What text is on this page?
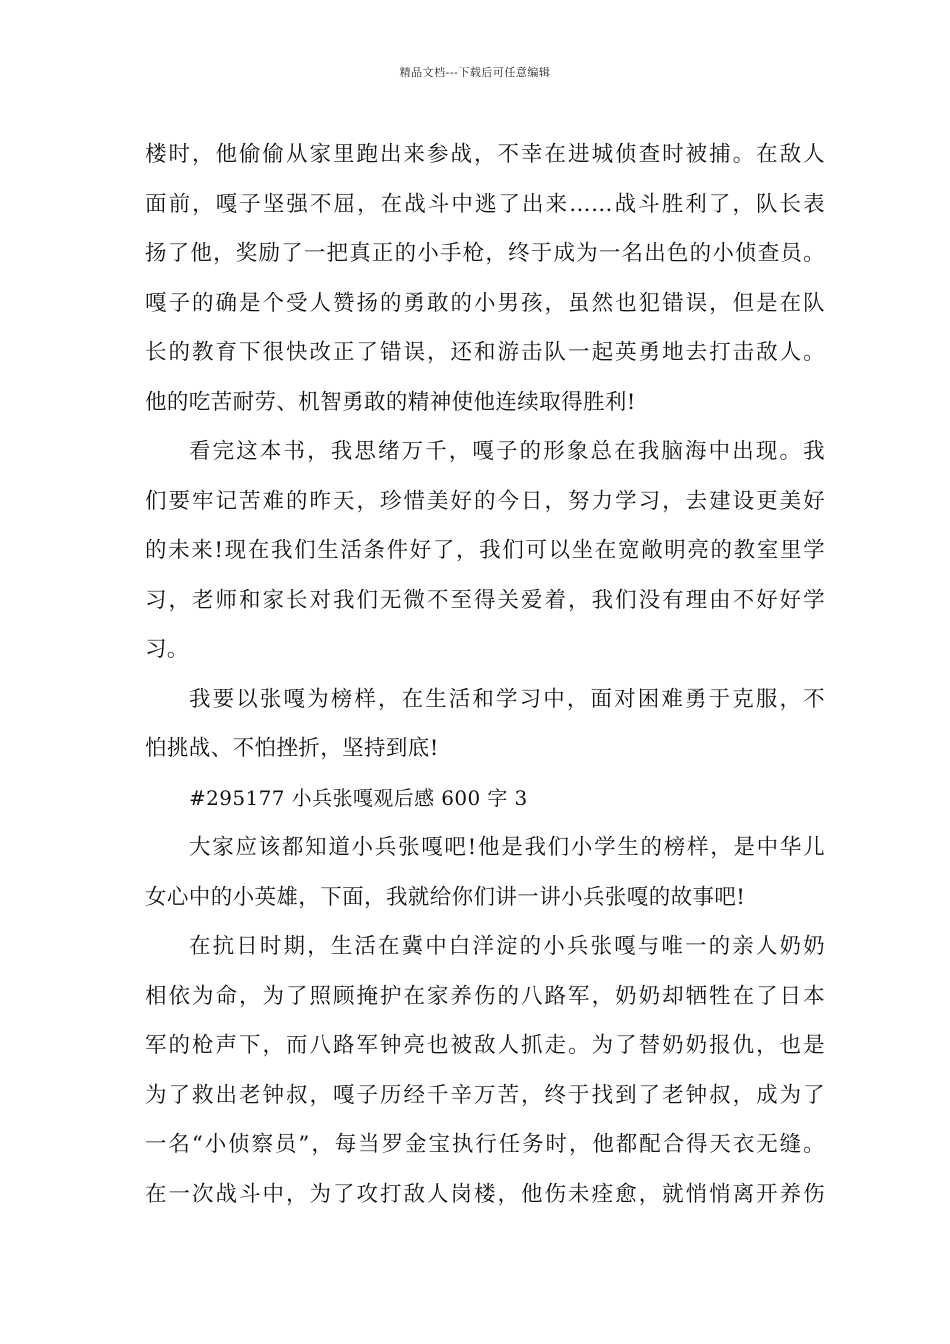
精品文档---下载后可任意编辑
楼时，他偷偷从家里跑出来参战，不幸在进城侦查时被捕。在敌人
面前，嘎子坚强不屈，在战斗中逃了出来……战斗胜利了，队长表
扬了他，奖励了一把真正的小手枪，终于成为一名出色的小侦查员。
嘎子的确是个受人赞扬的勇敢的小男孩，虽然也犯错误，但是在队
长的教育下很快改正了错误，还和游击队一起英勇地去打击敌人。
他的吃苦耐劳、机智勇敢的精神使他连续取得胜利!
看完这本书，我思绪万千，嘎子的形象总在我脑海中出现。我
们要牢记苦难的昨天，珍惜美好的今日，努力学习，去建设更美好
的未来!现在我们生活条件好了，我们可以坐在宽敞明亮的教室里学
习，老师和家长对我们无微不至得关爱着，我们没有理由不好好学
习。
我要以张嘎为榜样，在生活和学习中，面对困难勇于克服，不
怕挑战、不怕挫折，坚持到底!
#295177 小兵张嘎观后感 600 字 3
大家应该都知道小兵张嘎吧!他是我们小学生的榜样，是中华儿
女心中的小英雄，下面，我就给你们讲一讲小兵张嘎的故事吧!
在抗日时期，生活在冀中白洋淀的小兵张嘎与唯一的亲人奶奶
相依为命，为了照顾掩护在家养伤的八路军，奶奶却牺牲在了日本
军的枪声下，而八路军钟亮也被敌人抓走。为了替奶奶报仇，也是
为了救出老钟叔，嘎子历经千辛万苦，终于找到了老钟叔，成为了
一名“小侦察员”，每当罗金宝执行任务时，他都配合得天衣无缝。
在一次战斗中，为了攻打敌人岗楼，他伤未痊愈，就悄悄离开养伤
